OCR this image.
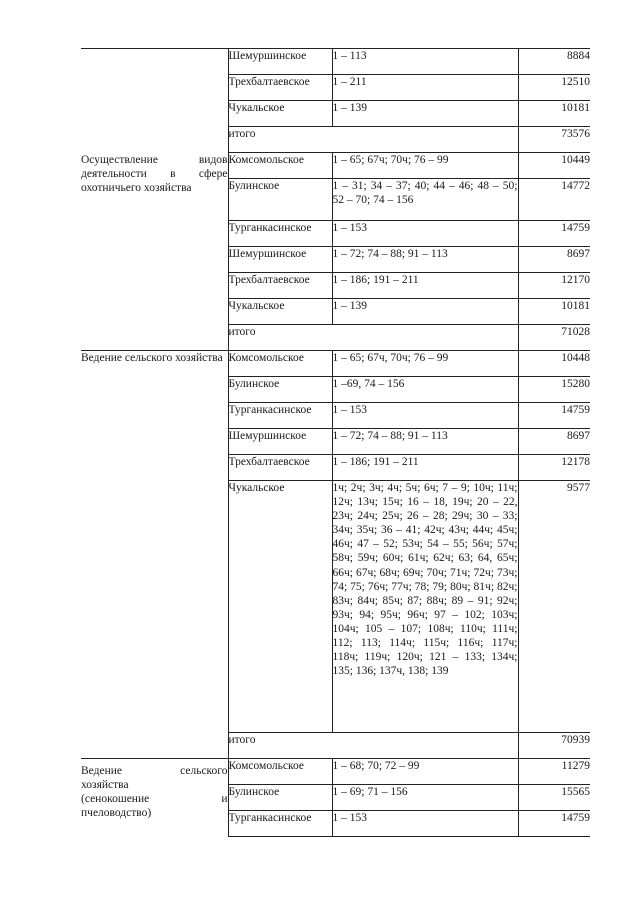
	Шемуршинское	1 – 113	8884
	Трехбалтаевское	1 – 211	12510
	Чукальское	1 – 139	10181
	итого		73576

Осуществление видов деятельности в сфере охотничьего хозяйства	Комсомольское	1 – 65; 67ч; 70ч; 76 – 99	10449
	Булинское	1 – 31; 34 – 37; 40; 44 – 46; 48 – 50; 52 – 70; 74 – 156	14772
	Турганкасинское	1 – 153	14759
	Шемуршинское	1 – 72; 74 – 88; 91 – 113	8697
	Трехбалтаевское	1 – 186; 191 – 211	12170
	Чукальское	1 – 139	10181
	итого		71028

Ведение сельского хозяйства	Комсомольское	1 – 65; 67ч, 70ч; 76 – 99	10448
	Булинское	1 –69, 74 – 156	15280
	Турганкасинское	1 – 153	14759
	Шемуршинское	1 – 72; 74 – 88; 91 – 113	8697
	Трехбалтаевское	1 – 186; 191 – 211	12178
	Чукальское	1ч; 2ч; 3ч; 4ч; 5ч; 6ч; 7 – 9; 10ч; 11ч; 12ч; 13ч; 15ч; 16 – 18, 19ч; 20 – 22, 23ч; 24ч; 25ч; 26 – 28; 29ч; 30 – 33; 34ч; 35ч; 36 – 41; 42ч; 43ч; 44ч; 45ч; 46ч; 47 – 52; 53ч; 54 – 55; 56ч; 57ч; 58ч; 59ч; 60ч; 61ч; 62ч; 63; 64, 65ч; 66ч; 67ч; 68ч; 69ч; 70ч; 71ч; 72ч; 73ч; 74; 75; 76ч; 77ч; 78; 79; 80ч; 81ч; 82ч; 83ч; 84ч; 85ч; 87; 88ч; 89 – 91; 92ч; 93ч; 94; 95ч; 96ч; 97 – 102; 103ч; 104ч; 105 – 107; 108ч; 110ч; 111ч; 112; 113; 114ч; 115ч; 116ч; 117ч; 118ч; 119ч; 120ч; 121 – 133; 134ч; 135; 136; 137ч, 138; 139	9577
	итого		70939

Ведение сельского
хозяйства
(сенокошение и
пчеловодство)	Комсомольское	1 – 68; 70; 72 – 99	11279
	Булинское	1 – 69; 71 – 156	15565
	Турганкасинское	1 – 153	14759
